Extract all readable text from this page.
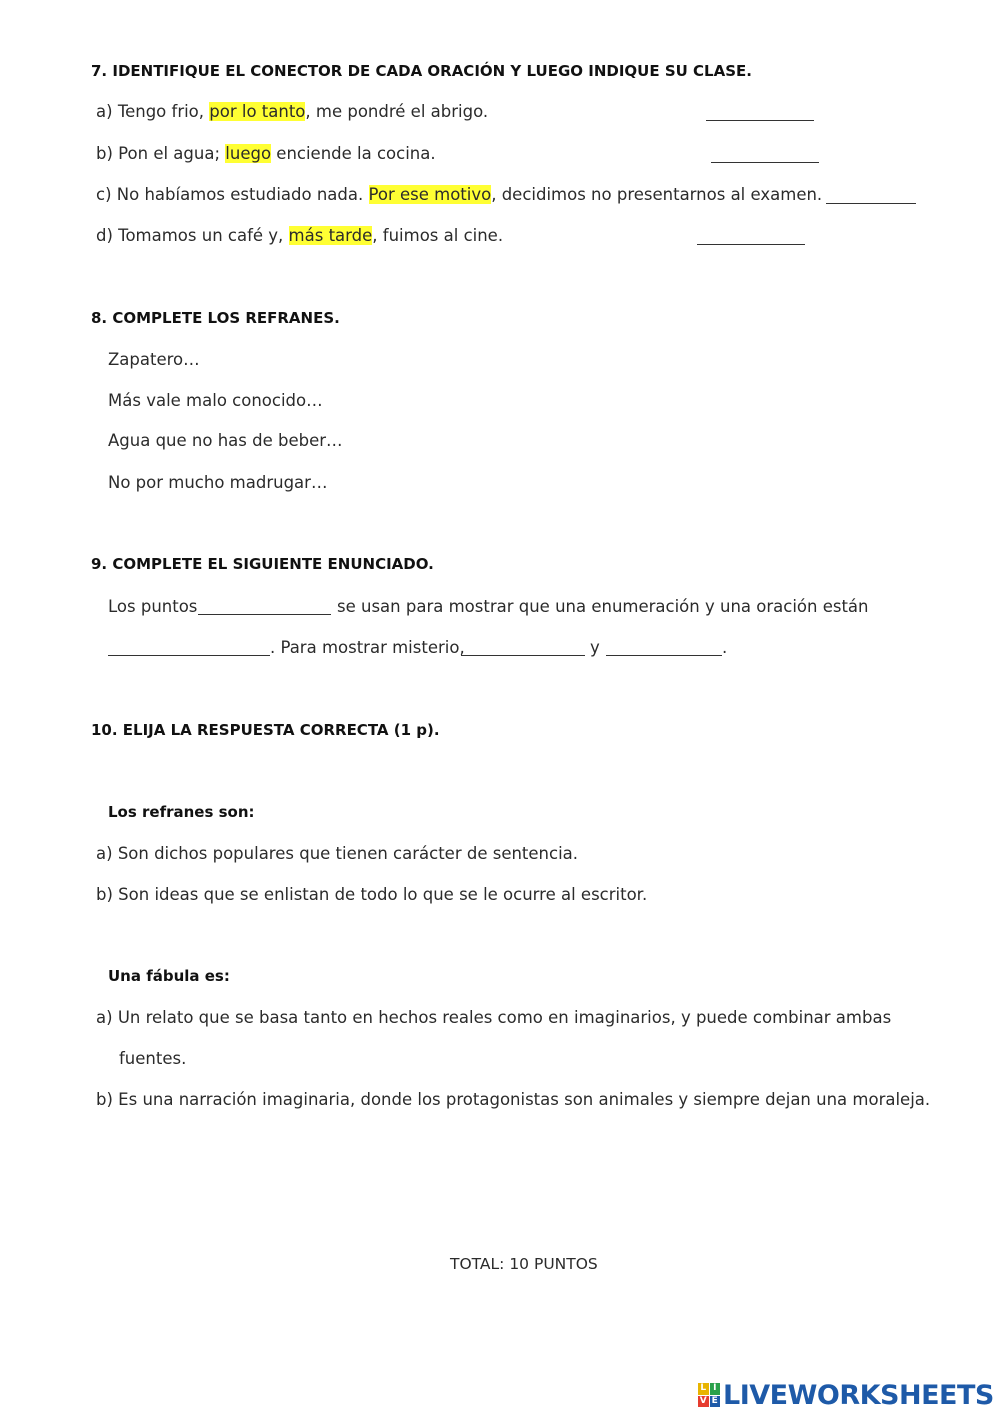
7. IDENTIFIQUE EL CONECTOR DE CADA ORACIÓN Y LUEGO INDIQUE SU CLASE.
a) Tengo frio, por lo tanto, me pondré el abrigo.
b) Pon el agua; luego enciende la cocina.
c) No habíamos estudiado nada. Por ese motivo, decidimos no presentarnos al examen.
d) Tomamos un café y, más tarde, fuimos al cine.
8. COMPLETE LOS REFRANES.
Zapatero…
Más vale malo conocido…
Agua que no has de beber…
No por mucho madrugar…
9. COMPLETE EL SIGUIENTE ENUNCIADO.
Los puntos	se usan para mostrar que una enumeración y una oración están
. Para mostrar misterio,	y	.
10. ELIJA LA RESPUESTA CORRECTA (1 p).
Los refranes son:
a) Son dichos populares que tienen carácter de sentencia.
b) Son ideas que se enlistan de todo lo que se le ocurre al escritor.
Una fábula es:
a) Un relato que se basa tanto en hechos reales como en imaginarios, y puede combinar ambas
fuentes.
b) Es una narración imaginaria, donde los protagonistas son animales y siempre dejan una moraleja.
TOTAL: 10 PUNTOS
L I
V E LIVEWORKSHEETS
